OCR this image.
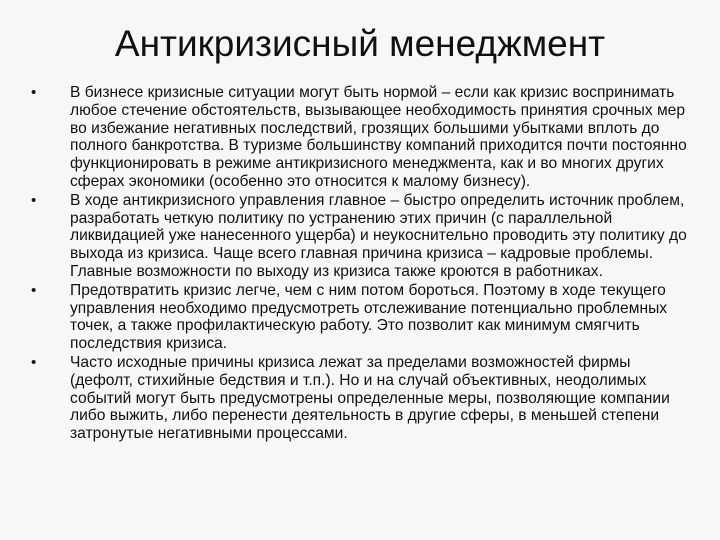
Антикризисный менеджмент
• В бизнесе кризисные ситуации могут быть нормой – если как кризис воспринимать любое стечение обстоятельств, вызывающее необходимость принятия срочных мер во избежание негативных последствий, грозящих большими убытками вплоть до полного банкротства. В туризме большинству компаний приходится почти постоянно функционировать в режиме антикризисного менеджмента, как и во многих других сферах экономики (особенно это относится к малому бизнесу).
• В ходе антикризисного управления главное – быстро определить источник проблем, разработать четкую политику по устранению этих причин (с параллельной ликвидацией уже нанесенного ущерба) и неукоснительно проводить эту политику до выхода из кризиса. Чаще всего главная причина кризиса – кадровые проблемы. Главные возможности по выходу из кризиса также кроются в работниках.
• Предотвратить кризис легче, чем с ним потом бороться. Поэтому в ходе текущего управления необходимо предусмотреть отслеживание потенциально проблемных точек, а также профилактическую работу. Это позволит как минимум смягчить последствия кризиса.
• Часто исходные причины кризиса лежат за пределами возможностей фирмы (дефолт, стихийные бедствия и т.п.). Но и на случай объективных, неодолимых событий могут быть предусмотрены определенные меры, позволяющие компании либо выжить, либо перенести деятельность в другие сферы, в меньшей степени затронутые негативными процессами.
